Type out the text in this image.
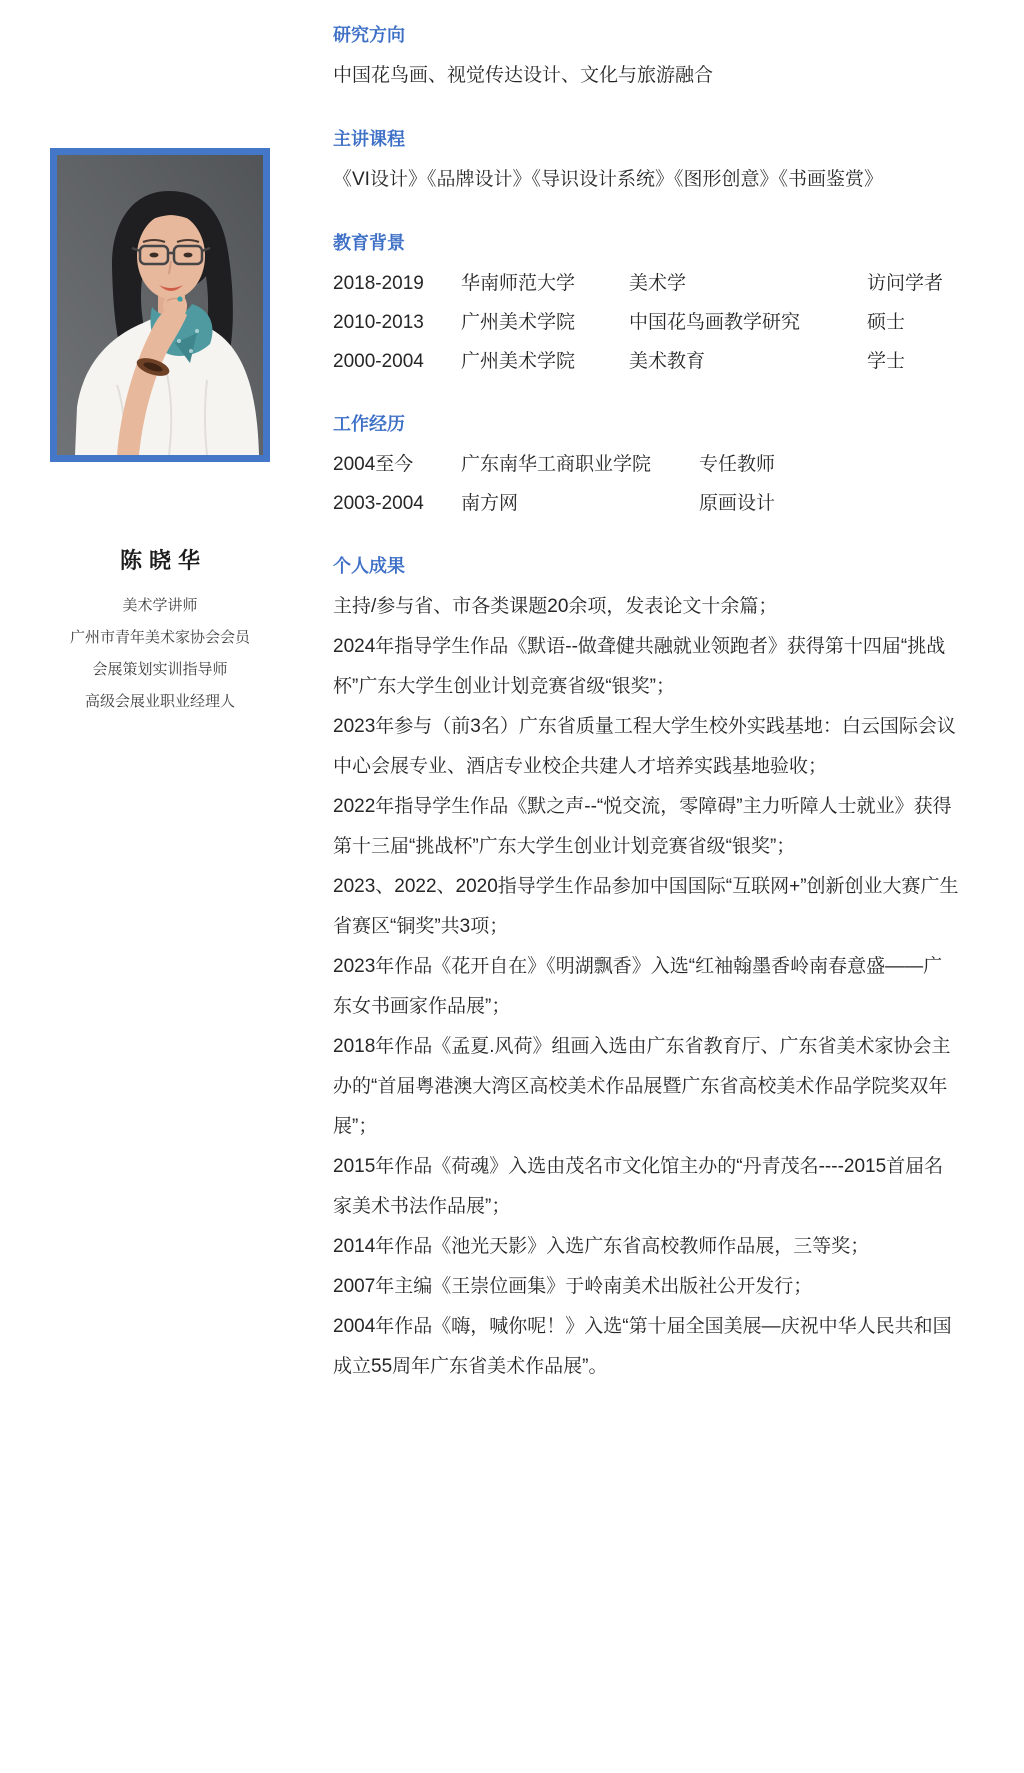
陈晓华

美术学讲师

广州市青年美术家协会会员

会展策划实训指导师

高级会展业职业经理人

研究方向

中国花鸟画、视觉传达设计、文化与旅游融合

主讲课程

《VI设计》《品牌设计》《导识设计系统》《图形创意》《书画鉴赏》

教育背景
2018-2019	华南师范大学	美术学	访问学者
2010-2013	广州美术学院	中国花鸟画教学研究	硕士
2000-2004	广州美术学院	美术教育	学士
工作经历
2004至今	广东南华工商职业学院	专任教师
2003-2004	南方网	原画设计
个人成果

主持/参与省、市各类课题20余项，发表论文十余篇；

2024年指导学生作品《默语--做聋健共融就业领跑者》获得第十四届“挑战杯”广东大学生创业计划竞赛省级“银奖”；

2023年参与（前3名）广东省质量工程大学生校外实践基地：白云国际会议中心会展专业、酒店专业校企共建人才培养实践基地验收；

2022年指导学生作品《默之声--“悦交流，零障碍”主力听障人士就业》获得第十三届“挑战杯”广东大学生创业计划竞赛省级“银奖”；

2023、2022、2020指导学生作品参加中国国际“互联网+”创新创业大赛广生省赛区“铜奖”共3项；

2023年作品《花开自在》《明湖飘香》入选“红袖翰墨香岭南春意盛——广东女书画家作品展”；

2018年作品《孟夏.风荷》组画入选由广东省教育厅、广东省美术家协会主办的“首届粤港澳大湾区高校美术作品展暨广东省高校美术作品学院奖双年展”；

2015年作品《荷魂》入选由茂名市文化馆主办的“丹青茂名----2015首届名家美术书法作品展”；

2014年作品《池光天影》入选广东省高校教师作品展，三等奖；

2007年主编《王崇位画集》于岭南美术出版社公开发行；

2004年作品《嗨，喊你呢！》入选“第十届全国美展—庆祝中华人民共和国成立55周年广东省美术作品展”。
